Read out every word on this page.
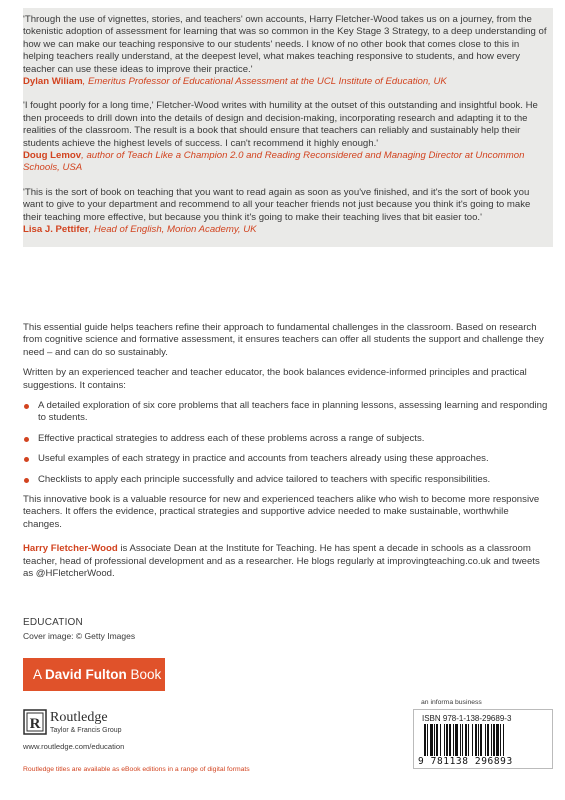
'Through the use of vignettes, stories, and teachers' own accounts, Harry Fletcher-Wood takes us on a journey, from the tokenistic adoption of assessment for learning that was so common in the Key Stage 3 Strategy, to a deep understanding of how we can make our teaching responsive to our students' needs. I know of no other book that comes close to this in helping teachers really understand, at the deepest level, what makes teaching responsive to students, and how every teacher can use these ideas to improve their practice.'
Dylan Wiliam, Emeritus Professor of Educational Assessment at the UCL Institute of Education, UK
'I fought poorly for a long time,' Fletcher-Wood writes with humility at the outset of this outstanding and insightful book. He then proceeds to drill down into the details of design and decision-making, incorporating research and adapting it to the realities of the classroom. The result is a book that should ensure that teachers can reliably and sustainably help their students achieve the highest levels of success. I can't recommend it highly enough.'
Doug Lemov, author of Teach Like a Champion 2.0 and Reading Reconsidered and Managing Director at Uncommon Schools, USA
'This is the sort of book on teaching that you want to read again as soon as you've finished, and it's the sort of book you want to give to your department and recommend to all your teacher friends not just because you think it's going to make their teaching more effective, but because you think it's going to make their teaching lives that bit easier too.'
Lisa J. Pettifer, Head of English, Morion Academy, UK

This essential guide helps teachers refine their approach to fundamental challenges in the classroom. Based on research from cognitive science and formative assessment, it ensures teachers can offer all students the support and challenge they need – and can do so sustainably.

Written by an experienced teacher and teacher educator, the book balances evidence-informed principles and practical suggestions. It contains:

A detailed exploration of six core problems that all teachers face in planning lessons, assessing learning and responding to students.
Effective practical strategies to address each of these problems across a range of subjects.
Useful examples of each strategy in practice and accounts from teachers already using these approaches.
Checklists to apply each principle successfully and advice tailored to teachers with specific responsibilities.

This innovative book is a valuable resource for new and experienced teachers alike who wish to become more responsive teachers. It offers the evidence, practical strategies and supportive advice needed to make sustainable, worthwhile changes.

Harry Fletcher-Wood is Associate Dean at the Institute for Teaching. He has spent a decade in schools as a classroom teacher, head of professional development and as a researcher. He blogs regularly at improvingteaching.co.uk and tweets as @HFletcherWood.

EDUCATION
Cover image: © Getty Images
A David Fulton Book
R Routledge
Taylor & Francis Group
www.routledge.com/education
Routledge titles are available as eBook editions in a range of digital formats
an informa business
ISBN 978-1-138-29689-3
9 781138 296893
